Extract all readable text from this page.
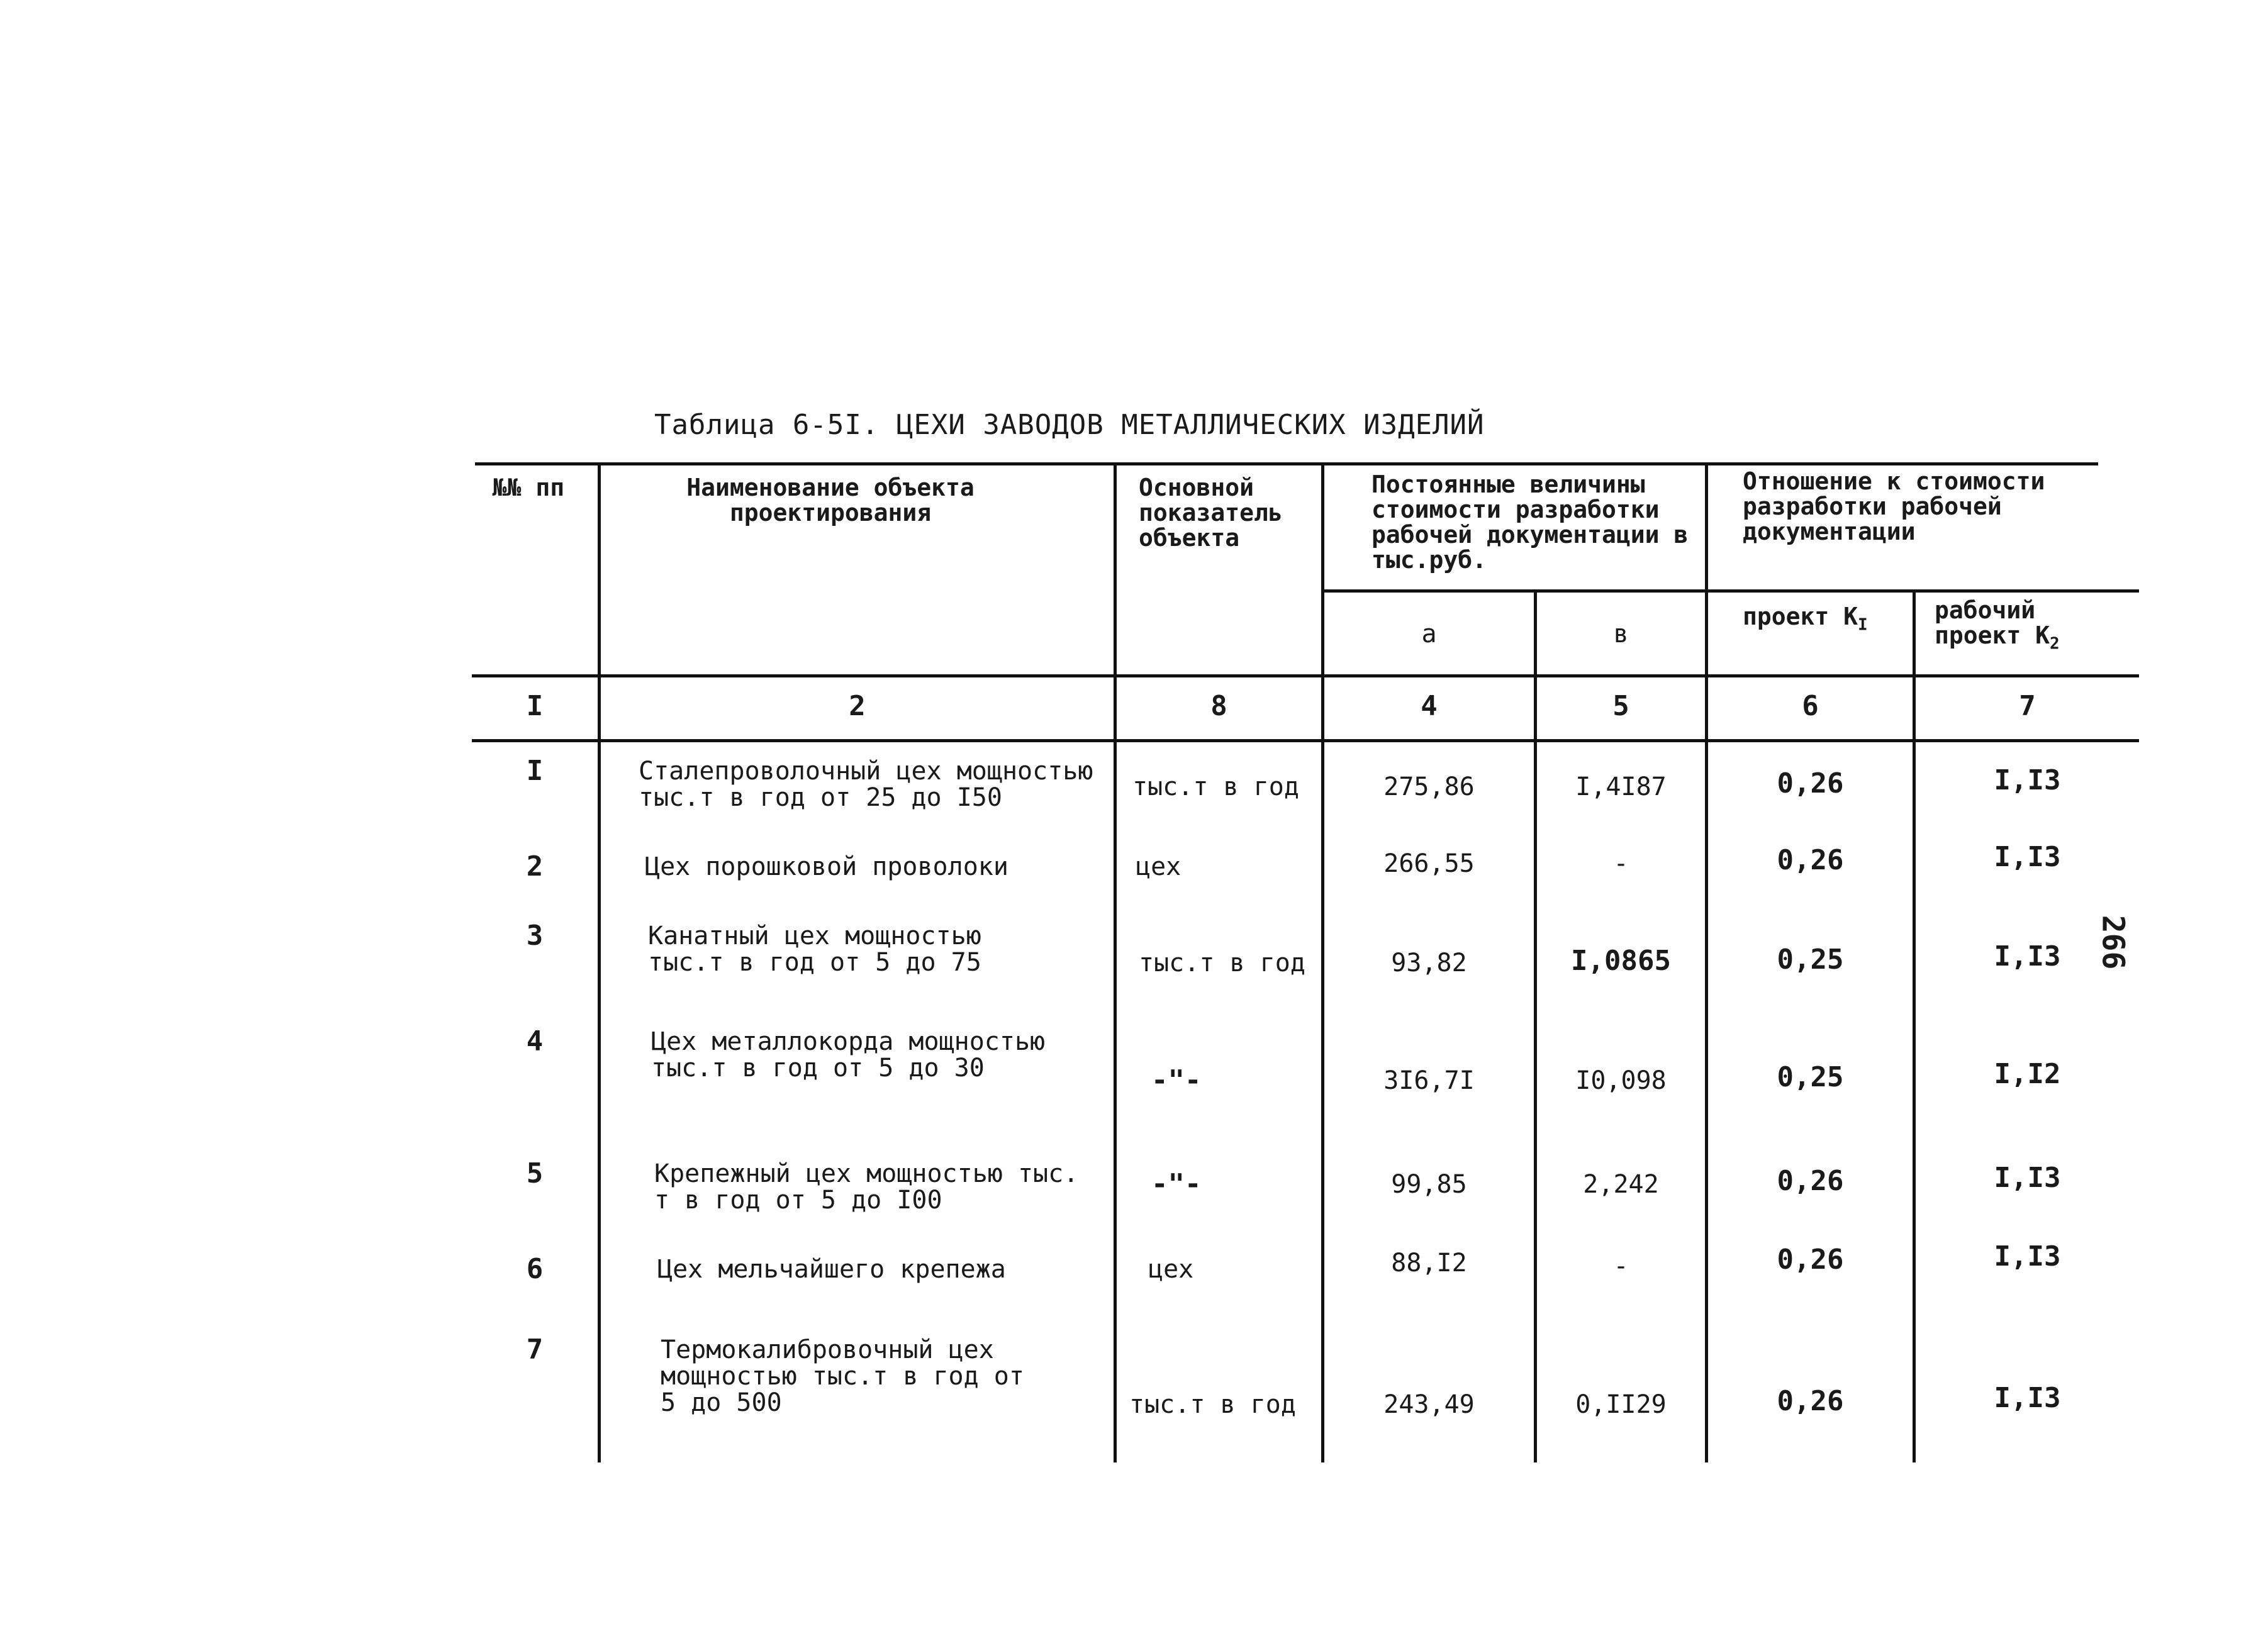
Таблица 6-5I. ЦЕХИ ЗАВОДОВ МЕТАЛЛИЧЕСКИХ ИЗДЕЛИЙ
266
№№ пп	Наименование объекта проектирования
Основной показатель объекта
Постоянные величины стоимости разработки рабочей документации в тыс.руб.
Отношение к стоимости разработки рабочей документации
а	в
проект $K_I$
рабочий проект $K_2$
I	2	8	4	5	6	7
I	Сталепроволочный цех мощностью тыс.т в год от 25 до I50	тыс.т в год	275,86	I,4I87	0,26	I,I3
2	Цех порошковой проволоки	цех	266,55	-	0,26	I,I3
3	Канатный цех мощностью тыс.т в год от 5 до 75	тыс.т в год	93,82	I,0865	0,25	I,I3
4	Цех металлокорда мощностью тыс.т в год от 5 до 30	-"-	3I6,7I	I0,098	0,25	I,I2
5	Крепежный цех мощностью тыс. т в год от 5 до I00	-"-	99,85	2,242	0,26	I,I3
6	Цех мельчайшего крепежа	цех	88,I2	-	0,26	I,I3
7	Термокалибровочный цех мощностью тыс.т в год от 5 до 500	тыс.т в год	243,49	0,II29	0,26	I,I3
